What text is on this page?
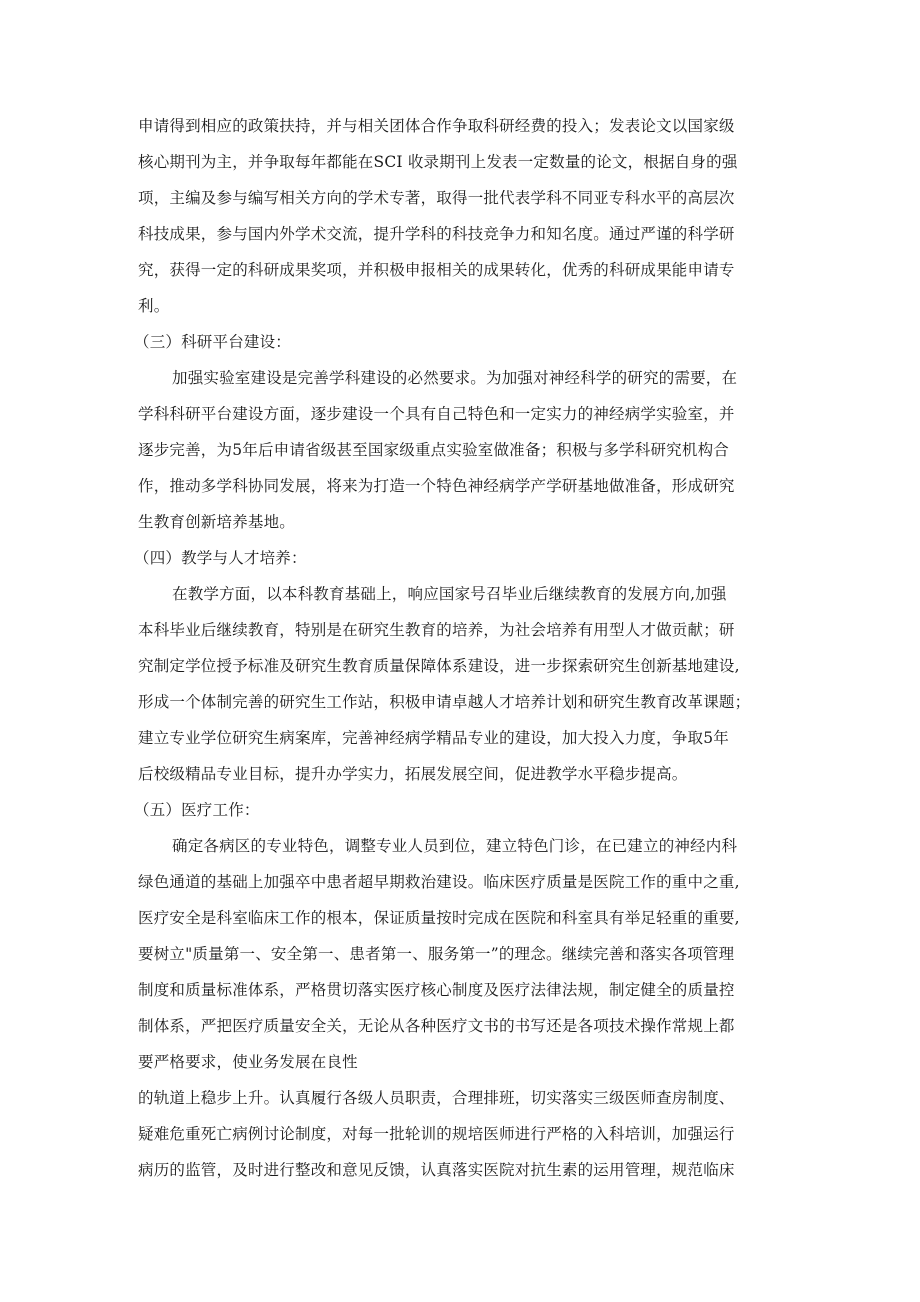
申请得到相应的政策扶持，并与相关团体合作争取科研经费的投入；发表论文以国家级
核心期刊为主，并争取每年都能在SCI 收录期刊上发表一定数量的论文，根据自身的强
项，主编及参与编写相关方向的学术专著，取得一批代表学科不同亚专科水平的高层次
科技成果，参与国内外学术交流，提升学科的科技竞争力和知名度。通过严谨的科学研
究，获得一定的科研成果奖项，并积极申报相关的成果转化，优秀的科研成果能申请专
利。
（三）科研平台建设：
加强实验室建设是完善学科建设的必然要求。为加强对神经科学的研究的需要，在
学科科研平台建设方面，逐步建设一个具有自己特色和一定实力的神经病学实验室，并
逐步完善，为5年后申请省级甚至国家级重点实验室做准备；积极与多学科研究机构合
作，推动多学科协同发展，将来为打造一个特色神经病学产学研基地做准备，形成研究
生教育创新培养基地。
（四）教学与人才培养：
在教学方面，以本科教育基础上，响应国家号召毕业后继续教育的发展方向,加强
本科毕业后继续教育，特别是在研究生教育的培养，为社会培养有用型人才做贡献；研
究制定学位授予标准及研究生教育质量保障体系建设，进一步探索研究生创新基地建设,
形成一个体制完善的研究生工作站，积极申请卓越人才培养计划和研究生教育改革课题；
建立专业学位研究生病案库，完善神经病学精品专业的建设，加大投入力度，争取5年
后校级精品专业目标，提升办学实力，拓展发展空间，促进教学水平稳步提高。
（五）医疗工作：
确定各病区的专业特色，调整专业人员到位，建立特色门诊，在已建立的神经内科
绿色通道的基础上加强卒中患者超早期救治建设。临床医疗质量是医院工作的重中之重,
医疗安全是科室临床工作的根本，保证质量按时完成在医院和科室具有举足轻重的重要,
要树立"质量第一、安全第一、患者第一、服务第一”的理念。继续完善和落实各项管理
制度和质量标准体系，严格贯切落实医疗核心制度及医疗法律法规，制定健全的质量控
制体系，严把医疗质量安全关，无论从各种医疗文书的书写还是各项技术操作常规上都
要严格要求，使业务发展在良性
的轨道上稳步上升。认真履行各级人员职责，合理排班，切实落实三级医师查房制度、
疑难危重死亡病例讨论制度，对每一批轮训的规培医师进行严格的入科培训，加强运行
病历的监管，及时进行整改和意见反馈，认真落实医院对抗生素的运用管理，规范临床
